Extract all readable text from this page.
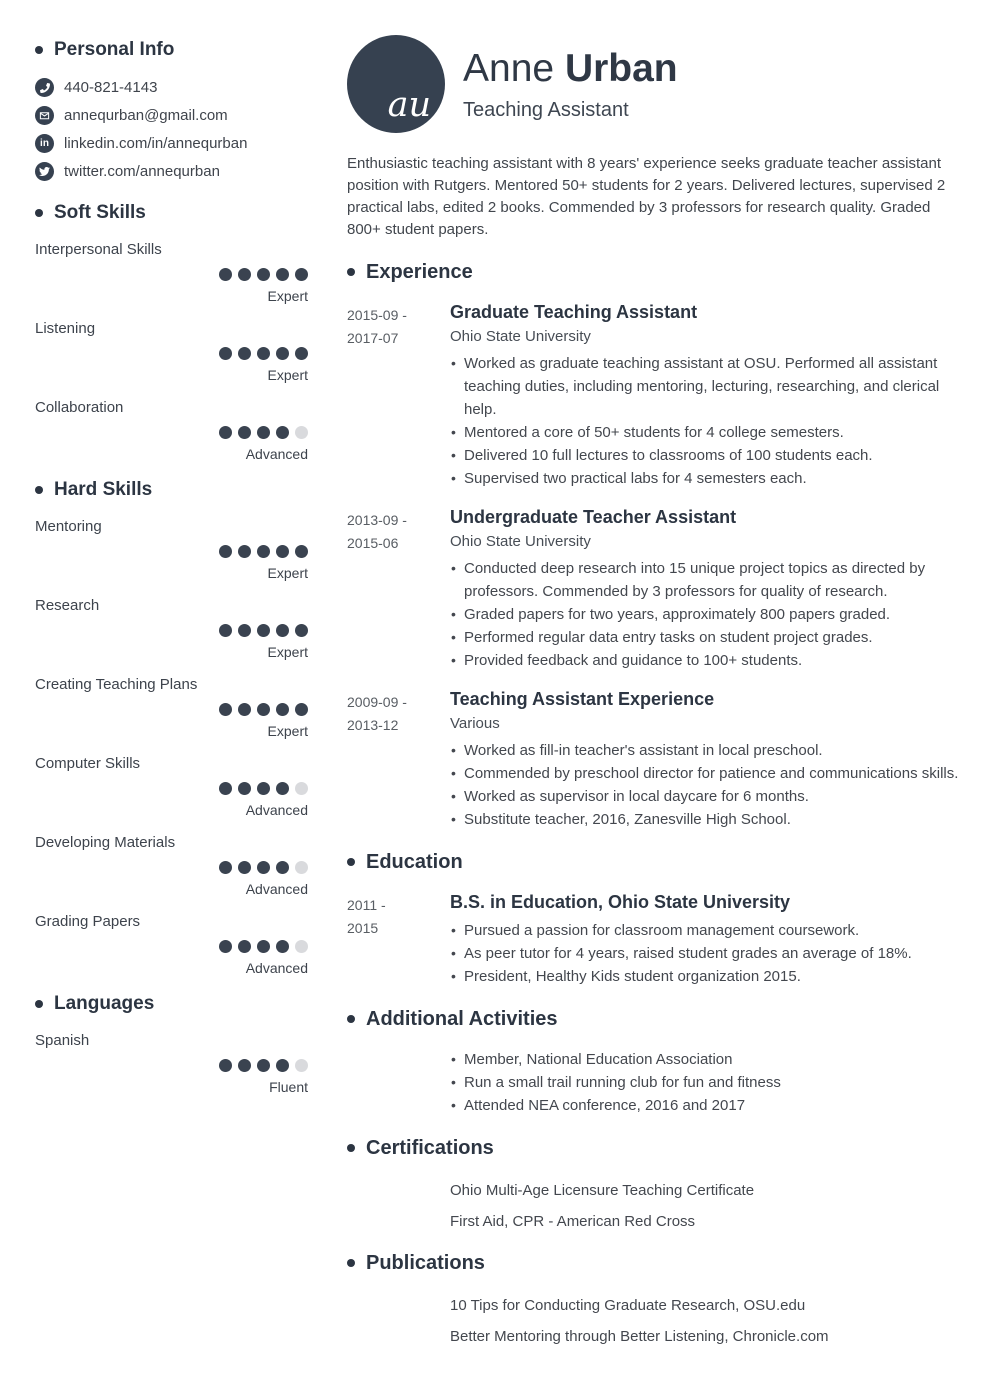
Personal Info
440-821-4143
annequrban@gmail.com
in linkedin.com/in/annequrban
twitter.com/annequrban
Soft Skills
Interpersonal Skills
Expert
Listening
Expert
Collaboration
Advanced
Hard Skills
Mentoring
Expert
Research
Expert
Creating Teaching Plans
Expert
Computer Skills
Advanced
Developing Materials
Advanced
Grading Papers
Advanced
Languages
Spanish
Fluent
au
Anne Urban
Teaching Assistant

Enthusiastic teaching assistant with 8 years' experience seeks graduate teacher assistant position with Rutgers. Mentored 50+ students for 2 years. Delivered lectures, supervised 2 practical labs, edited 2 books. Commended by 3 professors for research quality. Graded 800+ student papers.

Experience
2015-09 -
2017-07
Graduate Teaching Assistant
Ohio State University
• Worked as graduate teaching assistant at OSU. Performed all assistant teaching duties, including mentoring, lecturing, researching, and clerical help.
• Mentored a core of 50+ students for 4 college semesters.
• Delivered 10 full lectures to classrooms of 100 students each.
• Supervised two practical labs for 4 semesters each.
2013-09 -
2015-06
Undergraduate Teacher Assistant
Ohio State University
• Conducted deep research into 15 unique project topics as directed by professors. Commended by 3 professors for quality of research.
• Graded papers for two years, approximately 800 papers graded.
• Performed regular data entry tasks on student project grades.
• Provided feedback and guidance to 100+ students.
2009-09 -
2013-12
Teaching Assistant Experience
Various
• Worked as fill-in teacher's assistant in local preschool.
• Commended by preschool director for patience and communications skills.
• Worked as supervisor in local daycare for 6 months.
• Substitute teacher, 2016, Zanesville High School.
Education
2011 -
2015
B.S. in Education, Ohio State University
• Pursued a passion for classroom management coursework.
• As peer tutor for 4 years, raised student grades an average of 18%.
• President, Healthy Kids student organization 2015.
Additional Activities
• Member, National Education Association
• Run a small trail running club for fun and fitness
• Attended NEA conference, 2016 and 2017
Certifications
Ohio Multi-Age Licensure Teaching Certificate
First Aid, CPR - American Red Cross
Publications
10 Tips for Conducting Graduate Research, OSU.edu
Better Mentoring through Better Listening, Chronicle.com
